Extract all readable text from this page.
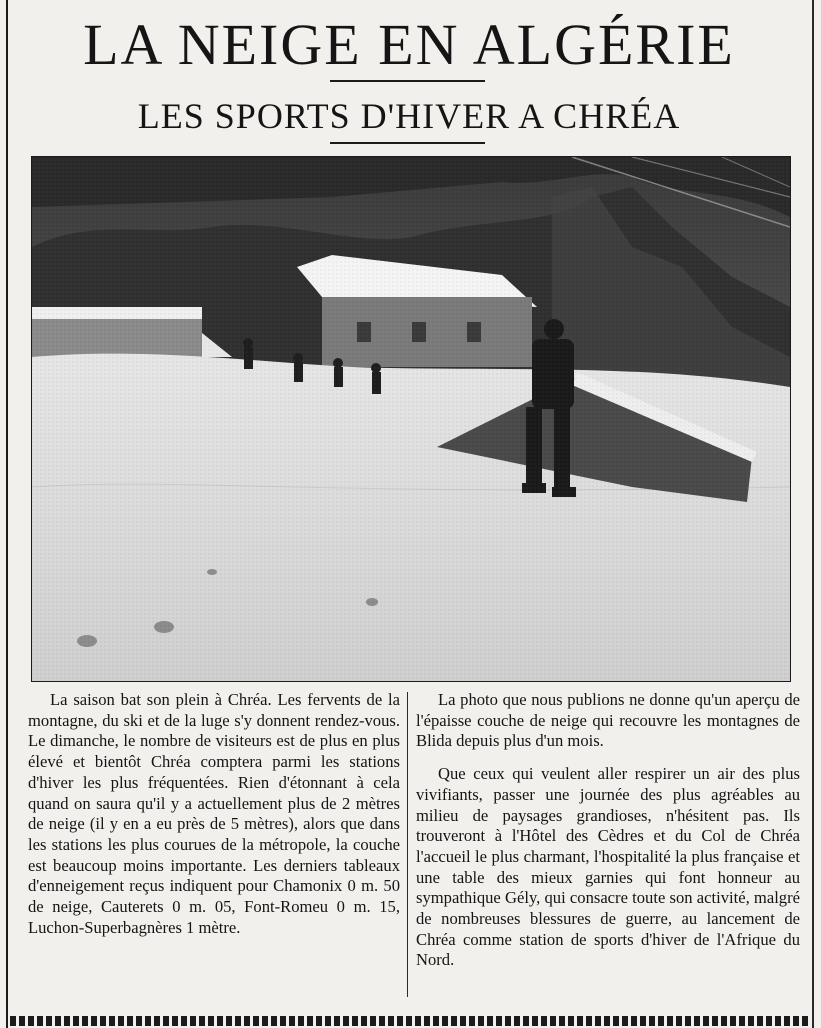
LA NEIGE EN ALGÉRIE
LES SPORTS D'HIVER A CHRÉA

La saison bat son plein à Chréa. Les fervents de la montagne, du ski et de la luge s'y donnent rendez-vous. Le dimanche, le nombre de visiteurs est de plus en plus élevé et bientôt Chréa comptera parmi les stations d'hiver les plus fréquentées. Rien d'étonnant à cela quand on saura qu'il y a actuellement plus de 2 mètres de neige (il y en a eu près de 5 mètres), alors que dans les stations les plus courues de la métropole, la couche est beaucoup moins importante. Les derniers tableaux d'enneigement reçus indiquent pour Chamonix 0 m. 50 de neige, Cauterets 0 m. 05, Font-Romeu 0 m. 15, Luchon-Superbagnères 1 mètre.

La photo que nous publions ne donne qu'un aperçu de l'épaisse couche de neige qui recouvre les montagnes de Blida depuis plus d'un mois.

Que ceux qui veulent aller respirer un air des plus vivifiants, passer une journée des plus agréables au milieu de paysages grandioses, n'hésitent pas. Ils trouveront à l'Hôtel des Cèdres et du Col de Chréa l'accueil le plus charmant, l'hospitalité la plus française et une table des mieux garnies qui font honneur au sympathique Gély, qui consacre toute son activité, malgré de nombreuses blessures de guerre, au lancement de Chréa comme station de sports d'hiver de l'Afrique du Nord.
